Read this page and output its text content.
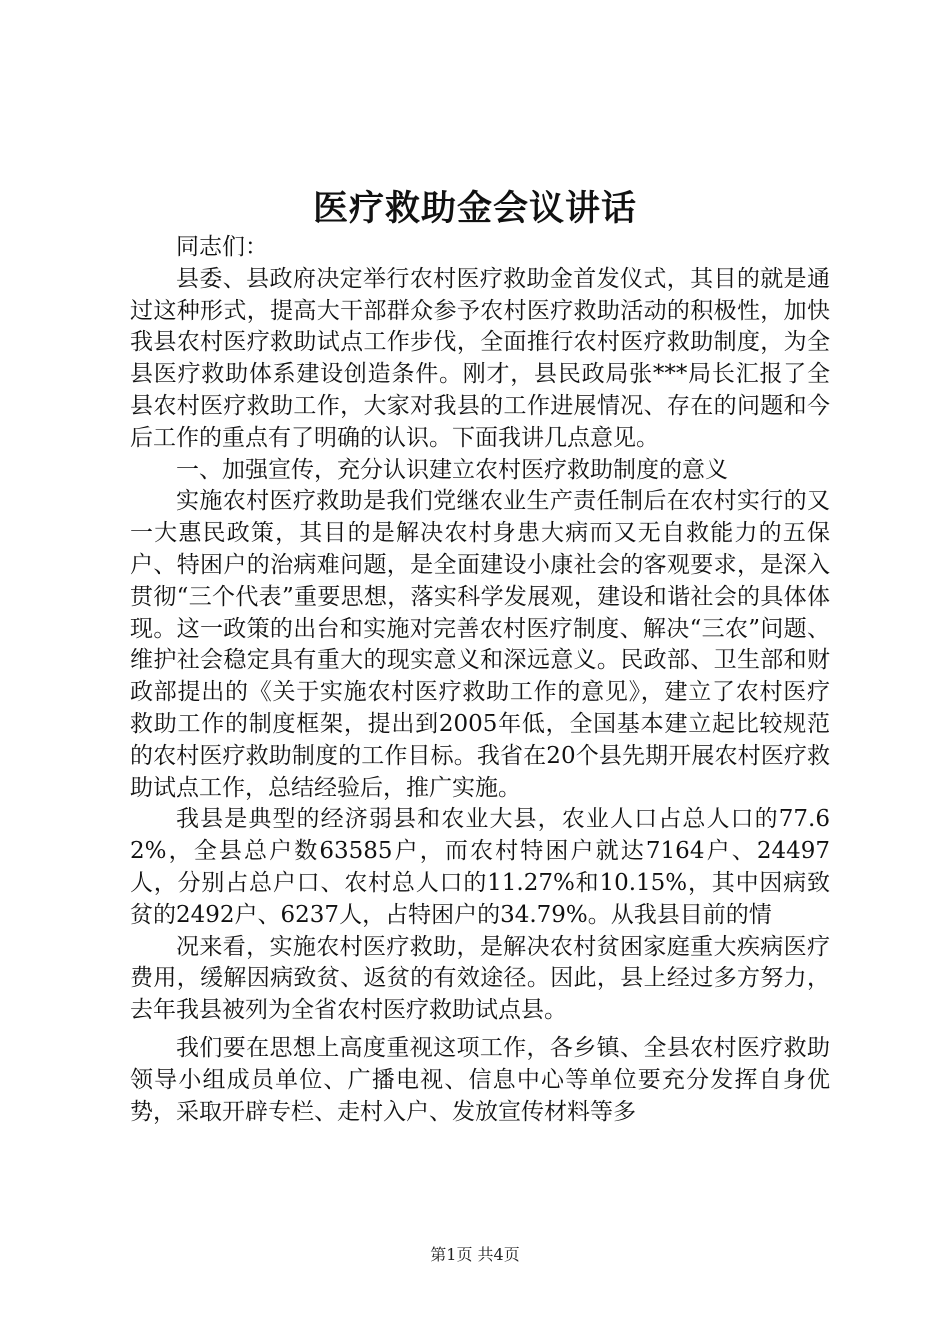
医疗救助金会议讲话

同志们：

县委、县政府决定举行农村医疗救助金首发仪式，其目的就是通过这种形式，提高大干部群众参予农村医疗救助活动的积极性，加快我县农村医疗救助试点工作步伐，全面推行农村医疗救助制度，为全县医疗救助体系建设创造条件。刚才，县民政局张***局长汇报了全县农村医疗救助工作，大家对我县的工作进展情况、存在的问题和今后工作的重点有了明确的认识。下面我讲几点意见。

一、加强宣传，充分认识建立农村医疗救助制度的意义

实施农村医疗救助是我们党继农业生产责任制后在农村实行的又一大惠民政策，其目的是解决农村身患大病而又无自救能力的五保户、特困户的治病难问题，是全面建设小康社会的客观要求，是深入贯彻“三个代表”重要思想，落实科学发展观，建设和谐社会的具体体现。这一政策的出台和实施对完善农村医疗制度、解决“三农”问题、维护社会稳定具有重大的现实意义和深远意义。民政部、卫生部和财政部提出的《关于实施农村医疗救助工作的意见》，建立了农村医疗救助工作的制度框架，提出到2005年低，全国基本建立起比较规范的农村医疗救助制度的工作目标。我省在20个县先期开展农村医疗救助试点工作，总结经验后，推广实施。

我县是典型的经济弱县和农业大县，农业人口占总人口的77.62%，全县总户数63585户，而农村特困户就达7164户、24497人，分别占总户口、农村总人口的11.27%和10.15%，其中因病致贫的2492户、6237人，占特困户的34.79%。从我县目前的情

况来看，实施农村医疗救助，是解决农村贫困家庭重大疾病医疗费用，缓解因病致贫、返贫的有效途径。因此，县上经过多方努力，去年我县被列为全省农村医疗救助试点县。

我们要在思想上高度重视这项工作，各乡镇、全县农村医疗救助领导小组成员单位、广播电视、信息中心等单位要充分发挥自身优势，采取开辟专栏、走村入户、发放宣传材料等多

第1页 共4页
